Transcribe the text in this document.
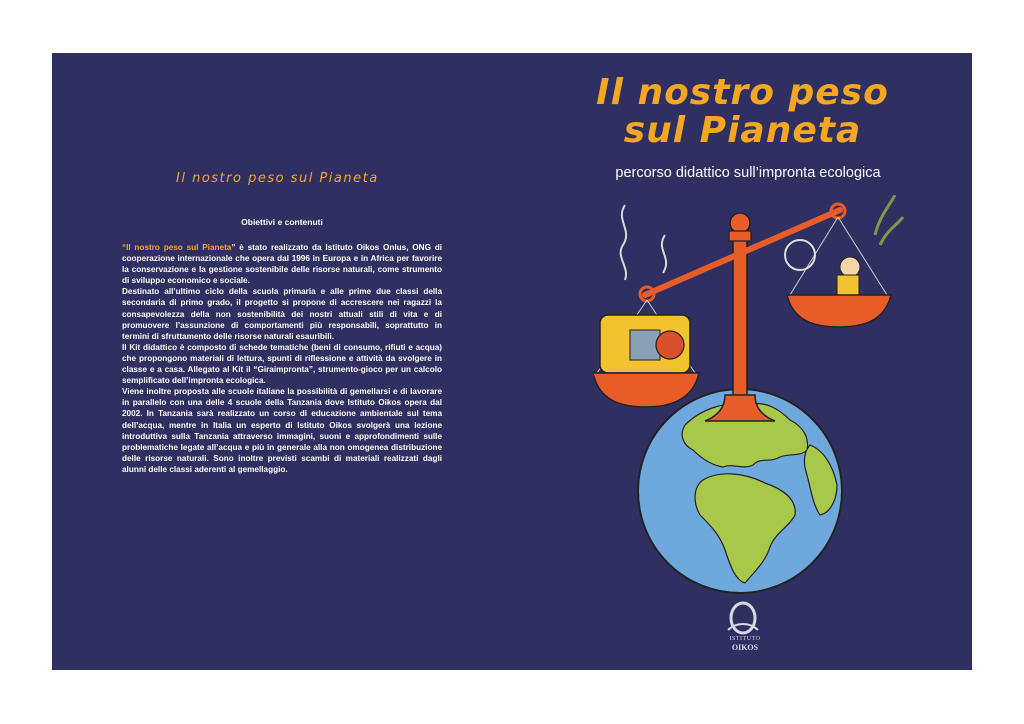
Il nostro peso sul Pianeta
Obiettivi e contenuti

“Il nostro peso sul Pianeta” è stato realizzato da Istituto Oikos Onlus, ONG di cooperazione internazionale che opera dal 1996 in Europa e in Africa per favorire la conservazione e la gestione sostenibile delle risorse naturali, come strumento di sviluppo economico e sociale.

Destinato all’ultimo ciclo della scuola primaria e alle prime due classi della secondaria di primo grado, il progetto si propone di accrescere nei ragazzi la consapevolezza della non sostenibilità dei nostri attuali stili di vita e di promuovere l’assunzione di comportamenti più responsabili, soprattutto in termini di sfruttamento delle risorse naturali esauribili.

Il Kit didattico è composto di schede tematiche (beni di consumo, rifiuti e acqua) che propongono materiali di lettura, spunti di riflessione e attività da svolgere in classe e a casa. Allegato al Kit il “Giraimpronta”, strumento-gioco per un calcolo semplificato dell’impronta ecologica.

Viene inoltre proposta alle scuole italiane la possibilità di gemellarsi e di lavorare in parallelo con una delle 4 scuole della Tanzania dove Istituto Oikos opera dal 2002. In Tanzania sarà realizzato un corso di educazione ambientale sul tema dell’acqua, mentre in Italia un esperto di Istituto Oikos svolgerà una lezione introduttiva sulla Tanzania attraverso immagini, suoni e approfondimenti sulle problematiche legate all’acqua e più in generale alla non omogenea distribuzione delle risorse naturali. Sono inoltre previsti scambi di materiali realizzati dagli alunni delle classi aderenti al gemellaggio.

Il nostro peso
sul Pianeta
percorso didattico sull’impronta ecologica
ISTITUTO
OIKOS
